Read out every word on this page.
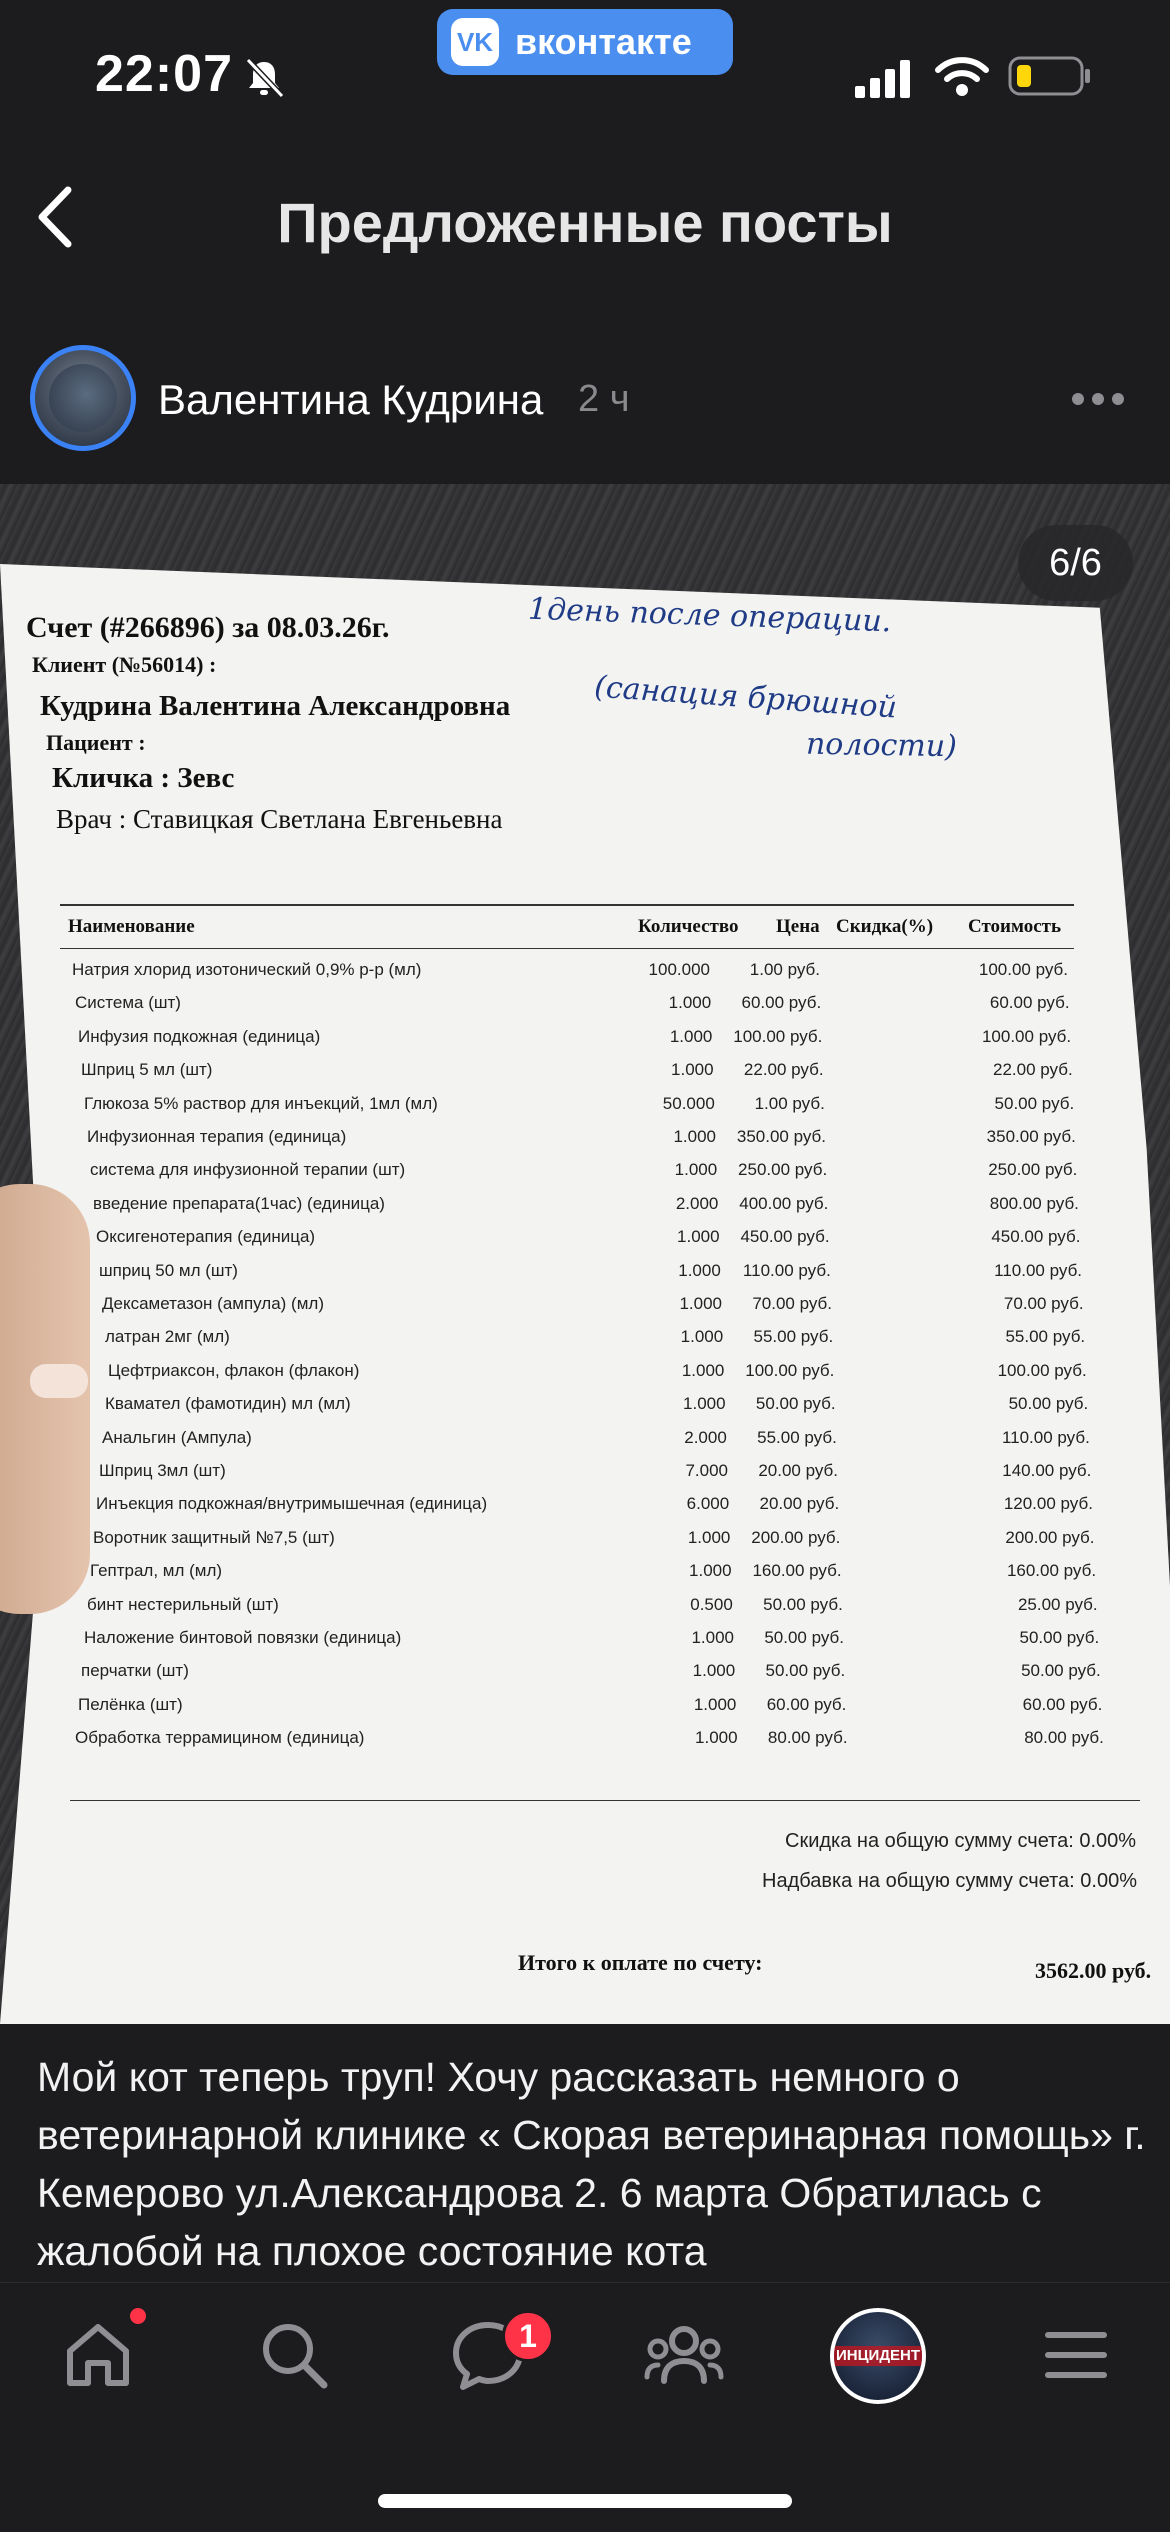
22:07
VK вконтакте
Предложенные посты
Валентина Кудрина 2 ч
6/6
Счет (#266896) за 08.03.26г.
Клиент (№56014) :
Кудрина Валентина Александровна
Пациент :
Кличка : Зевс
Врач : Ставицкая Светлана Евгеньевна
1день после операции.
(санация брюшной
полости)
Наименование	Количество Цена Скидка(%) Стоимость
Натрия хлорид изотонический 0,9% р-р (мл)	100.000	1.00 руб.	100.00 руб.
Система (шт)	1.000	60.00 руб.	60.00 руб.
Инфузия подкожная (единица)	1.000	100.00 руб.	100.00 руб.
Шприц 5 мл (шт)	1.000	22.00 руб.	22.00 руб.
Глюкоза 5% раствор для инъекций, 1мл (мл)	50.000	1.00 руб.	50.00 руб.
Инфузионная терапия (единица)	1.000	350.00 руб.	350.00 руб.
система для инфузионной терапии (шт)	1.000	250.00 руб.	250.00 руб.
введение препарата(1час) (единица)	2.000	400.00 руб.	800.00 руб.
Оксигенотерапия (единица)	1.000	450.00 руб.	450.00 руб.
шприц 50 мл (шт)	1.000	110.00 руб.	110.00 руб.
Дексаметазон (ампула) (мл)	1.000	70.00 руб.	70.00 руб.
латран 2мг (мл)	1.000	55.00 руб.	55.00 руб.
Цефтриаксон, флакон (флакон)	1.000	100.00 руб.	100.00 руб.
Квамател (фамотидин) мл (мл)	1.000	50.00 руб.	50.00 руб.
Анальгин (Ампула)	2.000	55.00 руб.	110.00 руб.
Шприц 3мл (шт)	7.000	20.00 руб.	140.00 руб.
Инъекция подкожная/внутримышечная (единица)	6.000	20.00 руб.	120.00 руб.
Воротник защитный №7,5 (шт)	1.000	200.00 руб.	200.00 руб.
Гептрал, мл (мл)	1.000	160.00 руб.	160.00 руб.
бинт нестерильный (шт)	0.500	50.00 руб.	25.00 руб.
Наложение бинтовой повязки (единица)	1.000	50.00 руб.	50.00 руб.
перчатки (шт)	1.000	50.00 руб.	50.00 руб.
Пелёнка (шт)	1.000	60.00 руб.	60.00 руб.
Обработка террамицином (единица)	1.000	80.00 руб.	80.00 руб.
Скидка на общую сумму счета: 0.00%
Надбавка на общую сумму счета: 0.00%
Итого к оплате по счету:	3562.00 руб.
Мой кот теперь труп! Хочу рассказать немного о ветеринарной клинике « Скорая ветеринарная помощь» г. Кемерово ул.Александрова 2. 6 марта Обратилась с жалобой на плохое состояние кота
1
ИНЦИДЕНТ
